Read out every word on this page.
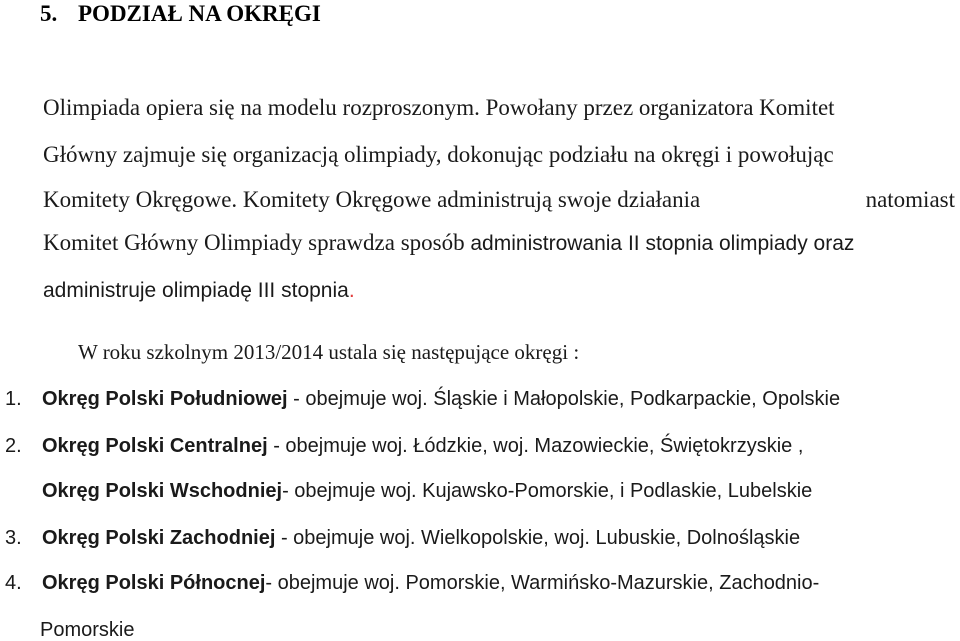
5. PODZIAŁ NA OKRĘGI
Olimpiada opiera się na modelu rozproszonym. Powołany przez organizatora Komitet
Główny zajmuje się organizacją olimpiady, dokonując podziału na okręgi i powołując
Komitety Okręgowe. Komitety Okręgowe administrują swoje działania	natomiast
Komitet Główny Olimpiady sprawdza sposób administrowania II stopnia olimpiady oraz
administruje olimpiadę III stopnia.
W roku szkolnym 2013/2014 ustala się następujące okręgi :
1. Okręg Polski Południowej - obejmuje woj. Śląskie i Małopolskie, Podkarpackie, Opolskie
2. Okręg Polski Centralnej - obejmuje woj. Łódzkie, woj. Mazowieckie, Świętokrzyskie ,
Okręg Polski Wschodniej- obejmuje woj. Kujawsko-Pomorskie, i Podlaskie, Lubelskie
3. Okręg Polski Zachodniej - obejmuje woj. Wielkopolskie, woj. Lubuskie, Dolnośląskie
4. Okręg Polski Północnej- obejmuje woj. Pomorskie, Warmińsko-Mazurskie, Zachodnio-
Pomorskie
